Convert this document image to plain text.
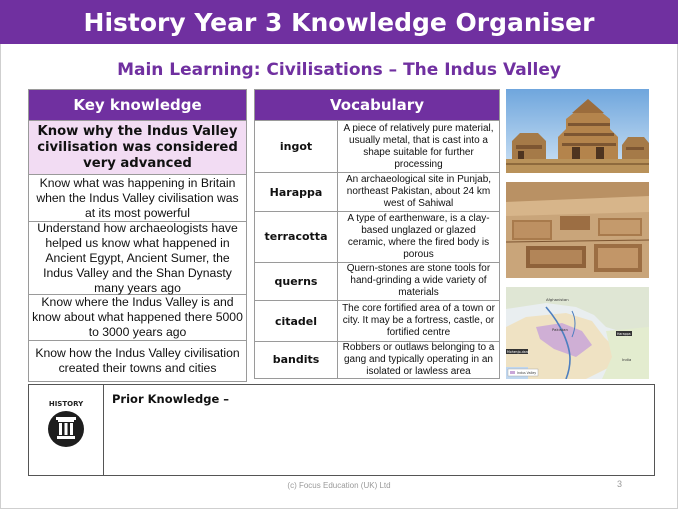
History Year 3 Knowledge Organiser
Main Learning: Civilisations – The Indus Valley
Key knowledge
Know why the Indus Valley civilisation was considered very advanced
Know what was happening in Britain when the Indus Valley civilisation was at its most powerful
Understand how archaeologists have helped us know what happened in Ancient Egypt, Ancient Sumer, the Indus Valley and the Shan Dynasty many years ago
Know where the Indus Valley is and know about what happened there 5000 to 3000 years ago
Know how the Indus Valley civilisation created their towns and cities
Vocabulary
ingot
A piece of relatively pure material, usually metal, that is cast into a shape suitable for further processing
Harappa
An archaeological site in Punjab, northeast Pakistan, about 24 km west of Sahiwal
terracotta
A type of earthenware, is a clay-based unglazed or glazed ceramic, where the fired body is porous
querns
Quern-stones are stone tools for hand-grinding a wide variety of materials
citadel
The core fortified area of a town or city. It may be a fortress, castle, or fortified centre
bandits
Robbers or outlaws belonging to a gang and typically operating in an isolated or lawless area
Afghanistan
Pakistan
Mohenjo-daro
Harappa
Indus Valley
India
HISTORY	Prior Knowledge –
(c) Focus Education (UK) Ltd	3
